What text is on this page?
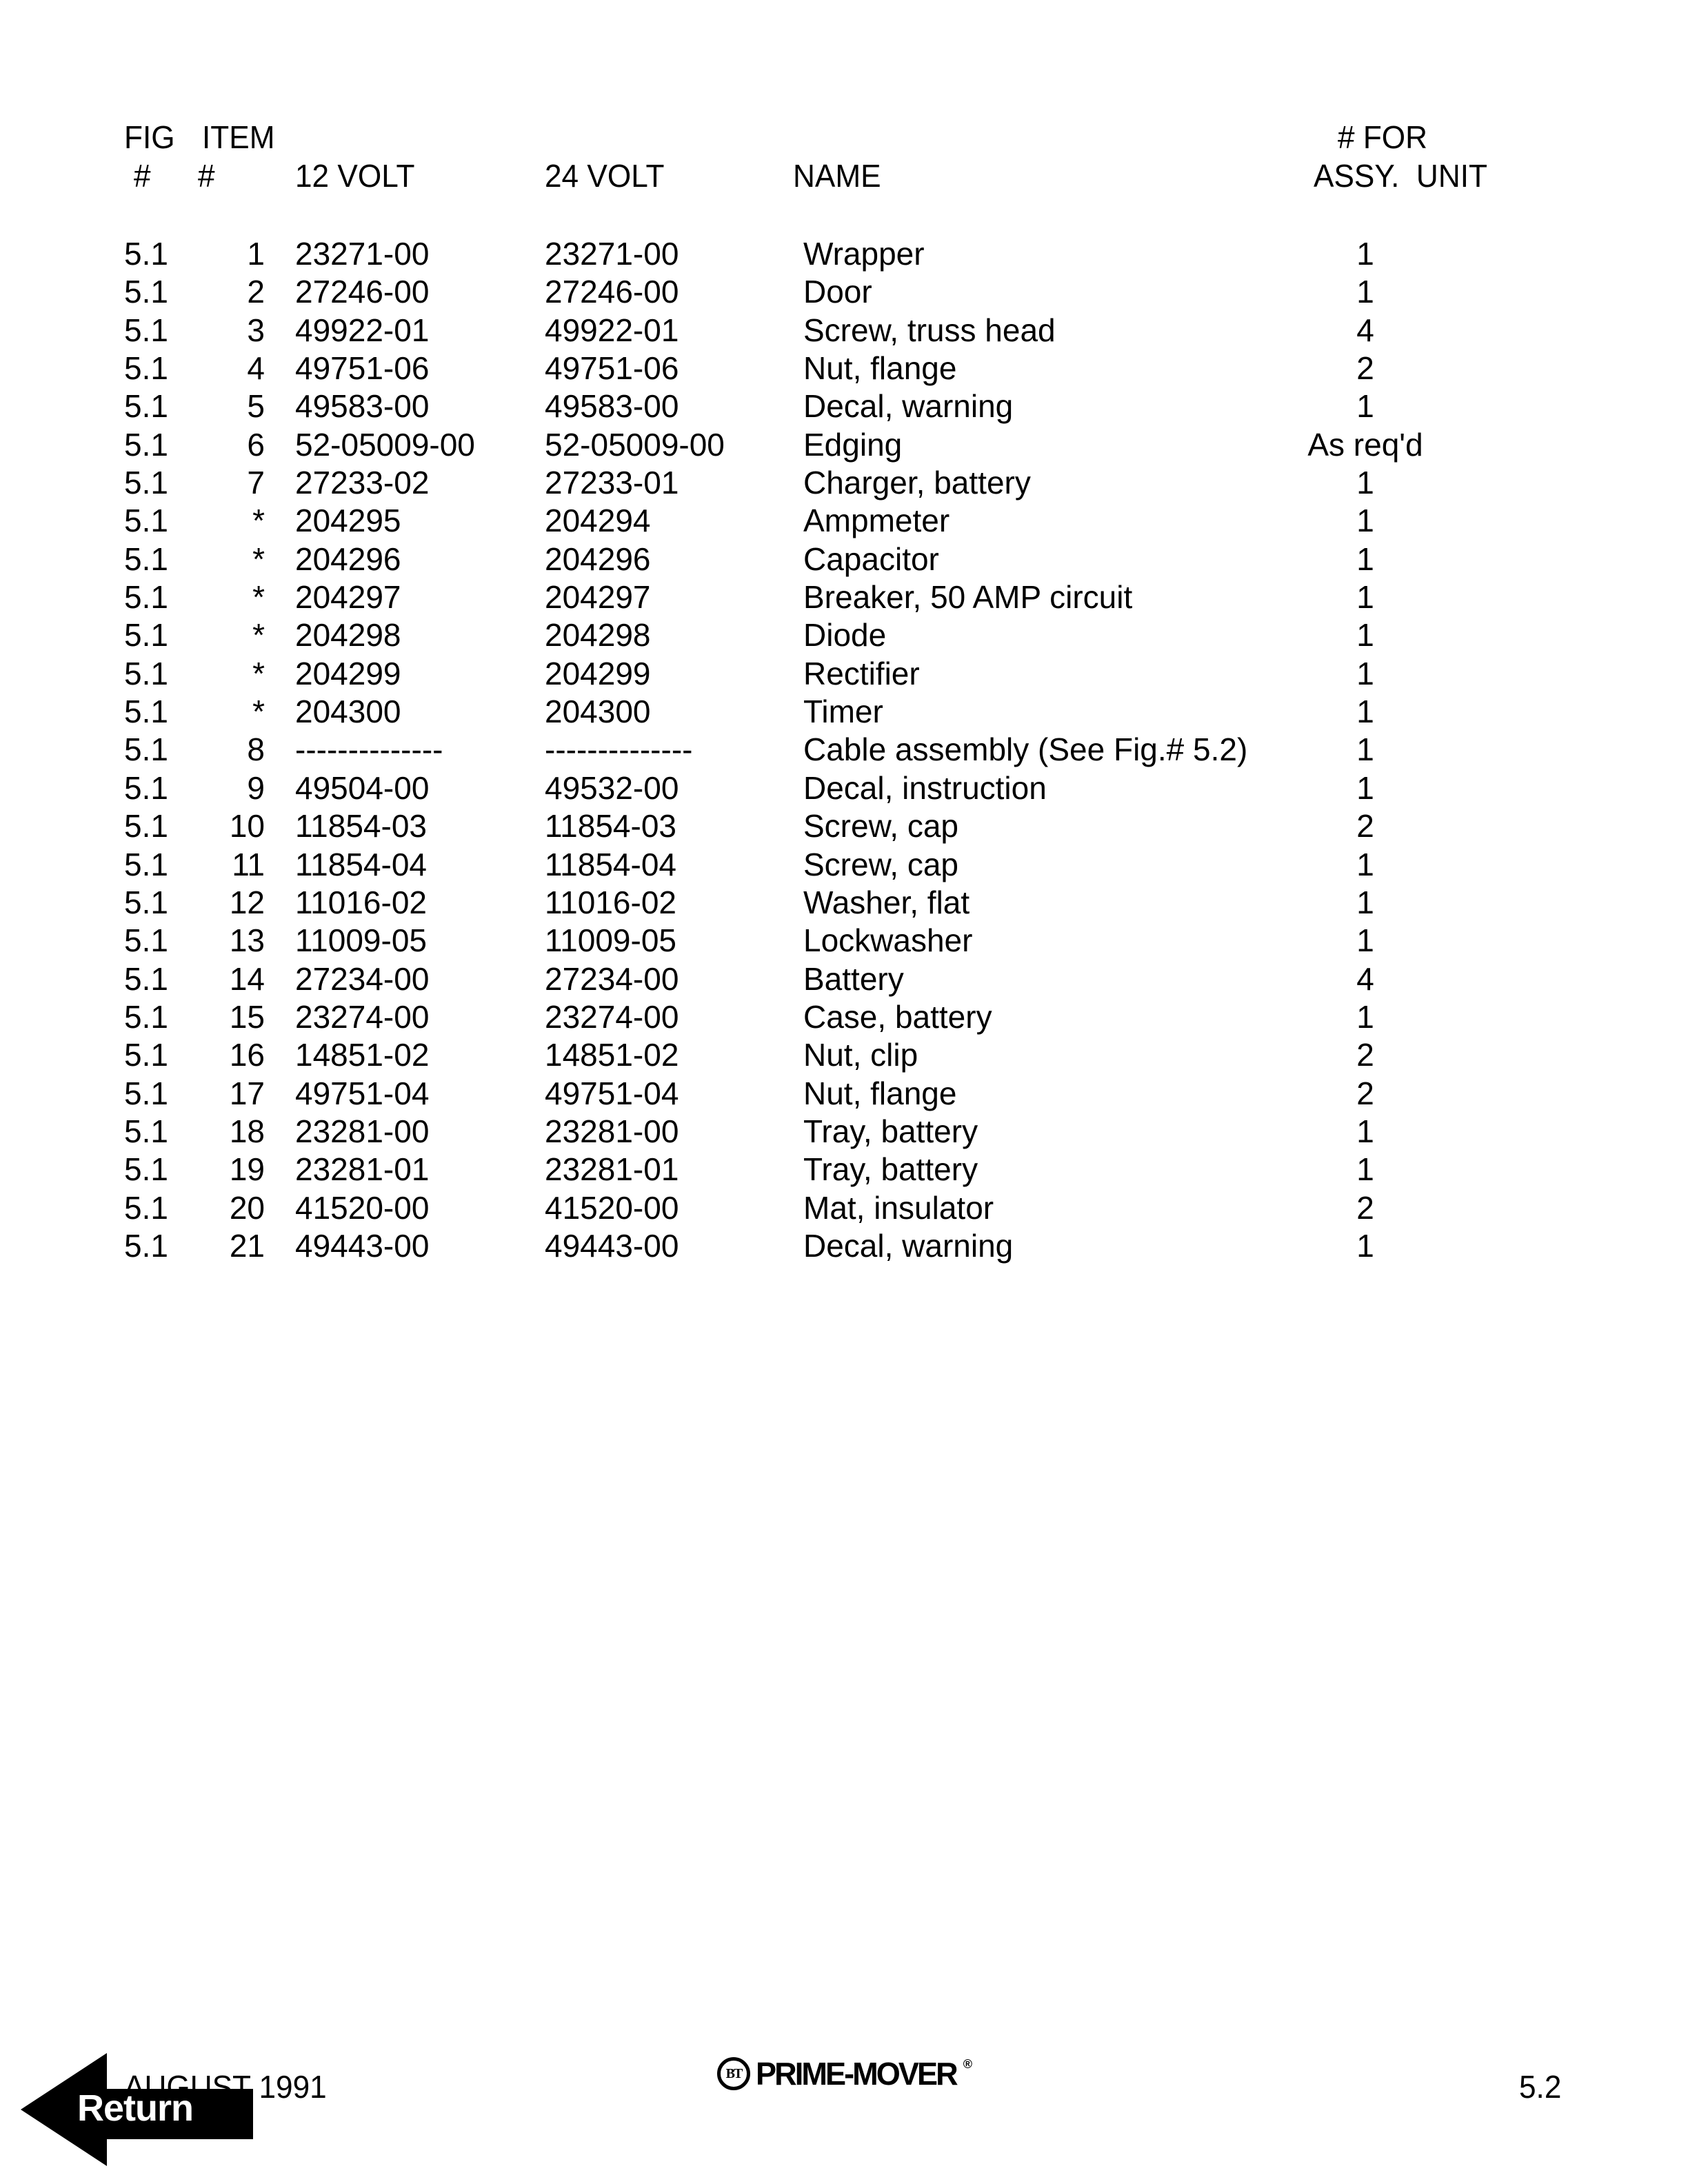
FIG ITEM	# FOR
# #	12 VOLT	24 VOLT	NAME	ASSY.  UNIT
5.1	1 23271-00	23271-00	Wrapper	1
5.1	2 27246-00	27246-00	Door	1
5.1	3 49922-01	49922-01	Screw, truss head	4
5.1	4 49751-06	49751-06	Nut, flange	2
5.1	5 49583-00	49583-00	Decal, warning	1
5.1	6 52-05009-00 52-05009-00 Edging	As req'd
5.1	7 27233-02	27233-01	Charger, battery	1
5.1	* 204295	204294	Ampmeter	1
5.1	* 204296	204296	Capacitor	1
5.1	* 204297	204297	Breaker, 50 AMP circuit	1
5.1	* 204298	204298	Diode	1
5.1	* 204299	204299	Rectifier	1
5.1	* 204300	204300	Timer	1
5.1	8 --------------	--------------	Cable assembly (See Fig.# 5.2)	1
5.1	9 49504-00	49532-00	Decal, instruction	1
5.1	10 11854-03	11854-03	Screw, cap	2
5.1	11 11854-04	11854-04	Screw, cap	1
5.1	12 11016-02	11016-02	Washer, flat	1
5.1	13 11009-05	11009-05	Lockwasher	1
5.1	14 27234-00	27234-00	Battery	4
5.1	15 23274-00	23274-00	Case, battery	1
5.1	16 14851-02	14851-02	Nut, clip	2
5.1	17 49751-04	49751-04	Nut, flange	2
5.1	18 23281-00	23281-00	Tray, battery	1
5.1	19 23281-01	23281-01	Tray, battery	1
5.1	20 41520-00	41520-00	Mat, insulator	2
5.1	21 49443-00	49443-00	Decal, warning	1
AUGUST 1991	BT PRIME-MOVER ®
5.2
Return
